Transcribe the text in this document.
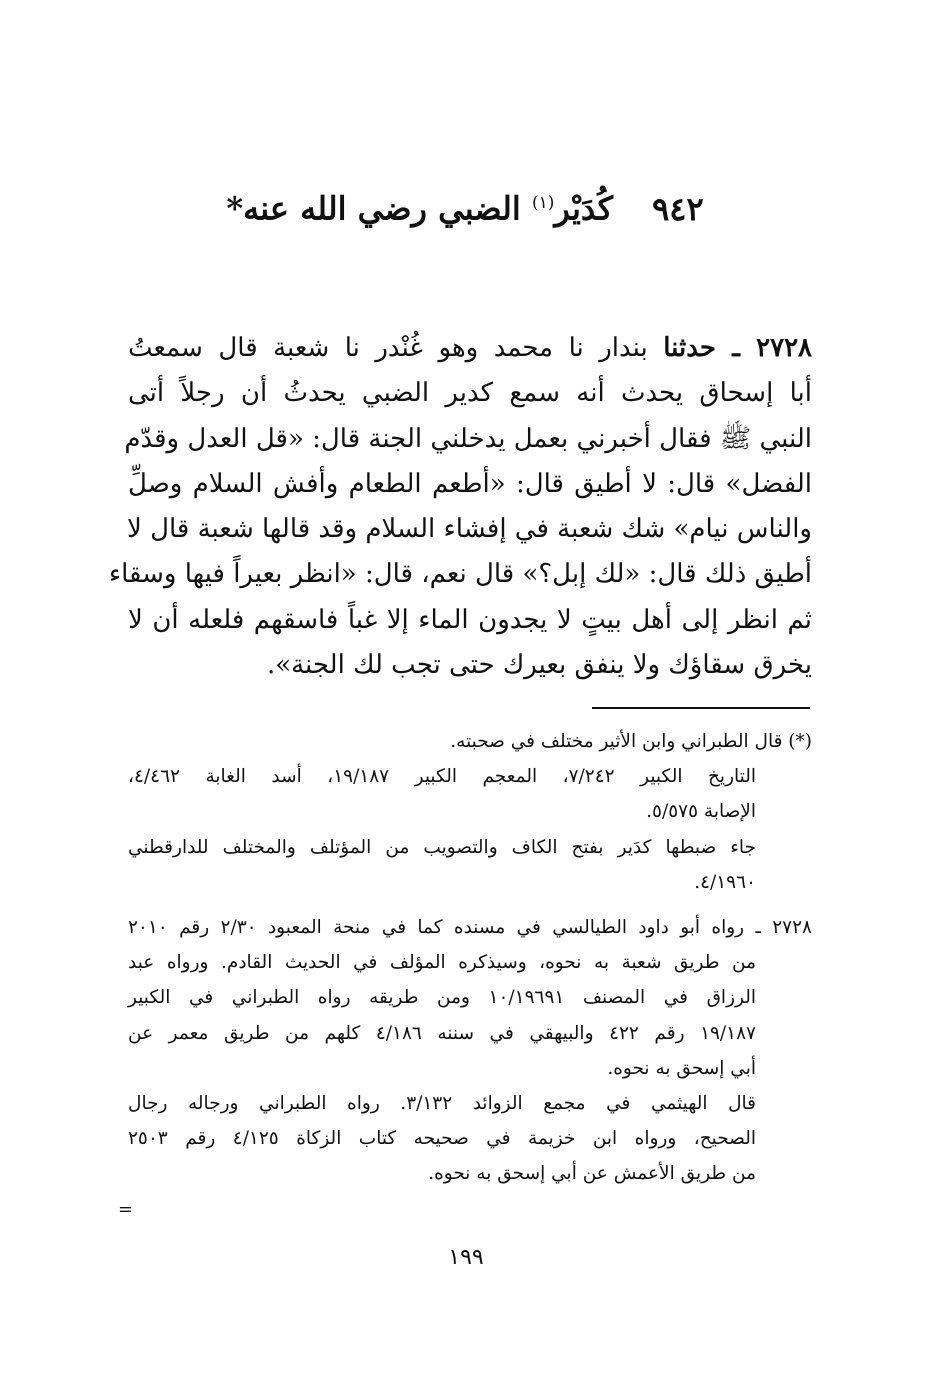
٩٤٢ كُدَيْر$^{(١)}$ الضبي رضي الله عنه*
٢٧٢٨ ـ حدثنا بندار نا محمد وهو غُنْدر نا شعبة قال سمعتُ
أبا إسحاق يحدث أنه سمع كدير الضبي يحدثُ أن رجلاً أتى
النبي ﷺ فقال أخبرني بعمل يدخلني الجنة قال: «قل العدل وقدّم
الفضل» قال: لا أطيق قال: «أطعم الطعام وأفش السلام وصلِّ
والناس نيام» شك شعبة في إفشاء السلام وقد قالها شعبة قال لا
أطيق ذلك قال: «لك إبل؟» قال نعم، قال: «انظر بعيراً فيها وسقاء
ثم انظر إلى أهل بيتٍ لا يجدون الماء إلا غباً فاسقهم فلعله أن لا
يخرق سقاؤك ولا ينفق بعيرك حتى تجب لك الجنة».
(*) قال الطبراني وابن الأثير مختلف في صحبته.
التاريخ الكبير ٧/٢٤٢، المعجم الكبير ١٩/١٨٧، أسد الغابة ٤/٤٦٢،
الإصابة ٥/٥٧٥.
جاء ضبطها كدَير بفتح الكاف والتصويب من المؤتلف والمختلف للدارقطني
٤/١٩٦٠.
٢٧٢٨ ـ رواه أبو داود الطيالسي في مسنده كما في منحة المعبود ٢/٣٠ رقم ٢٠١٠
من طريق شعبة به نحوه، وسيذكره المؤلف في الحديث القادم. ورواه عبد
الرزاق في المصنف ١٠/١٩٦٩١ ومن طريقه رواه الطبراني في الكبير
١٩/١٨٧ رقم ٤٢٢ والبيهقي في سننه ٤/١٨٦ كلهم من طريق معمر عن
أبي إسحق به نحوه.
قال الهيثمي في مجمع الزوائد ٣/١٣٢. رواه الطبراني ورجاله رجال
الصحيح، ورواه ابن خزيمة في صحيحه كتاب الزكاة ٤/١٢٥ رقم ٢٥٠٣
من طريق الأعمش عن أبي إسحق به نحوه.
=
١٩٩
